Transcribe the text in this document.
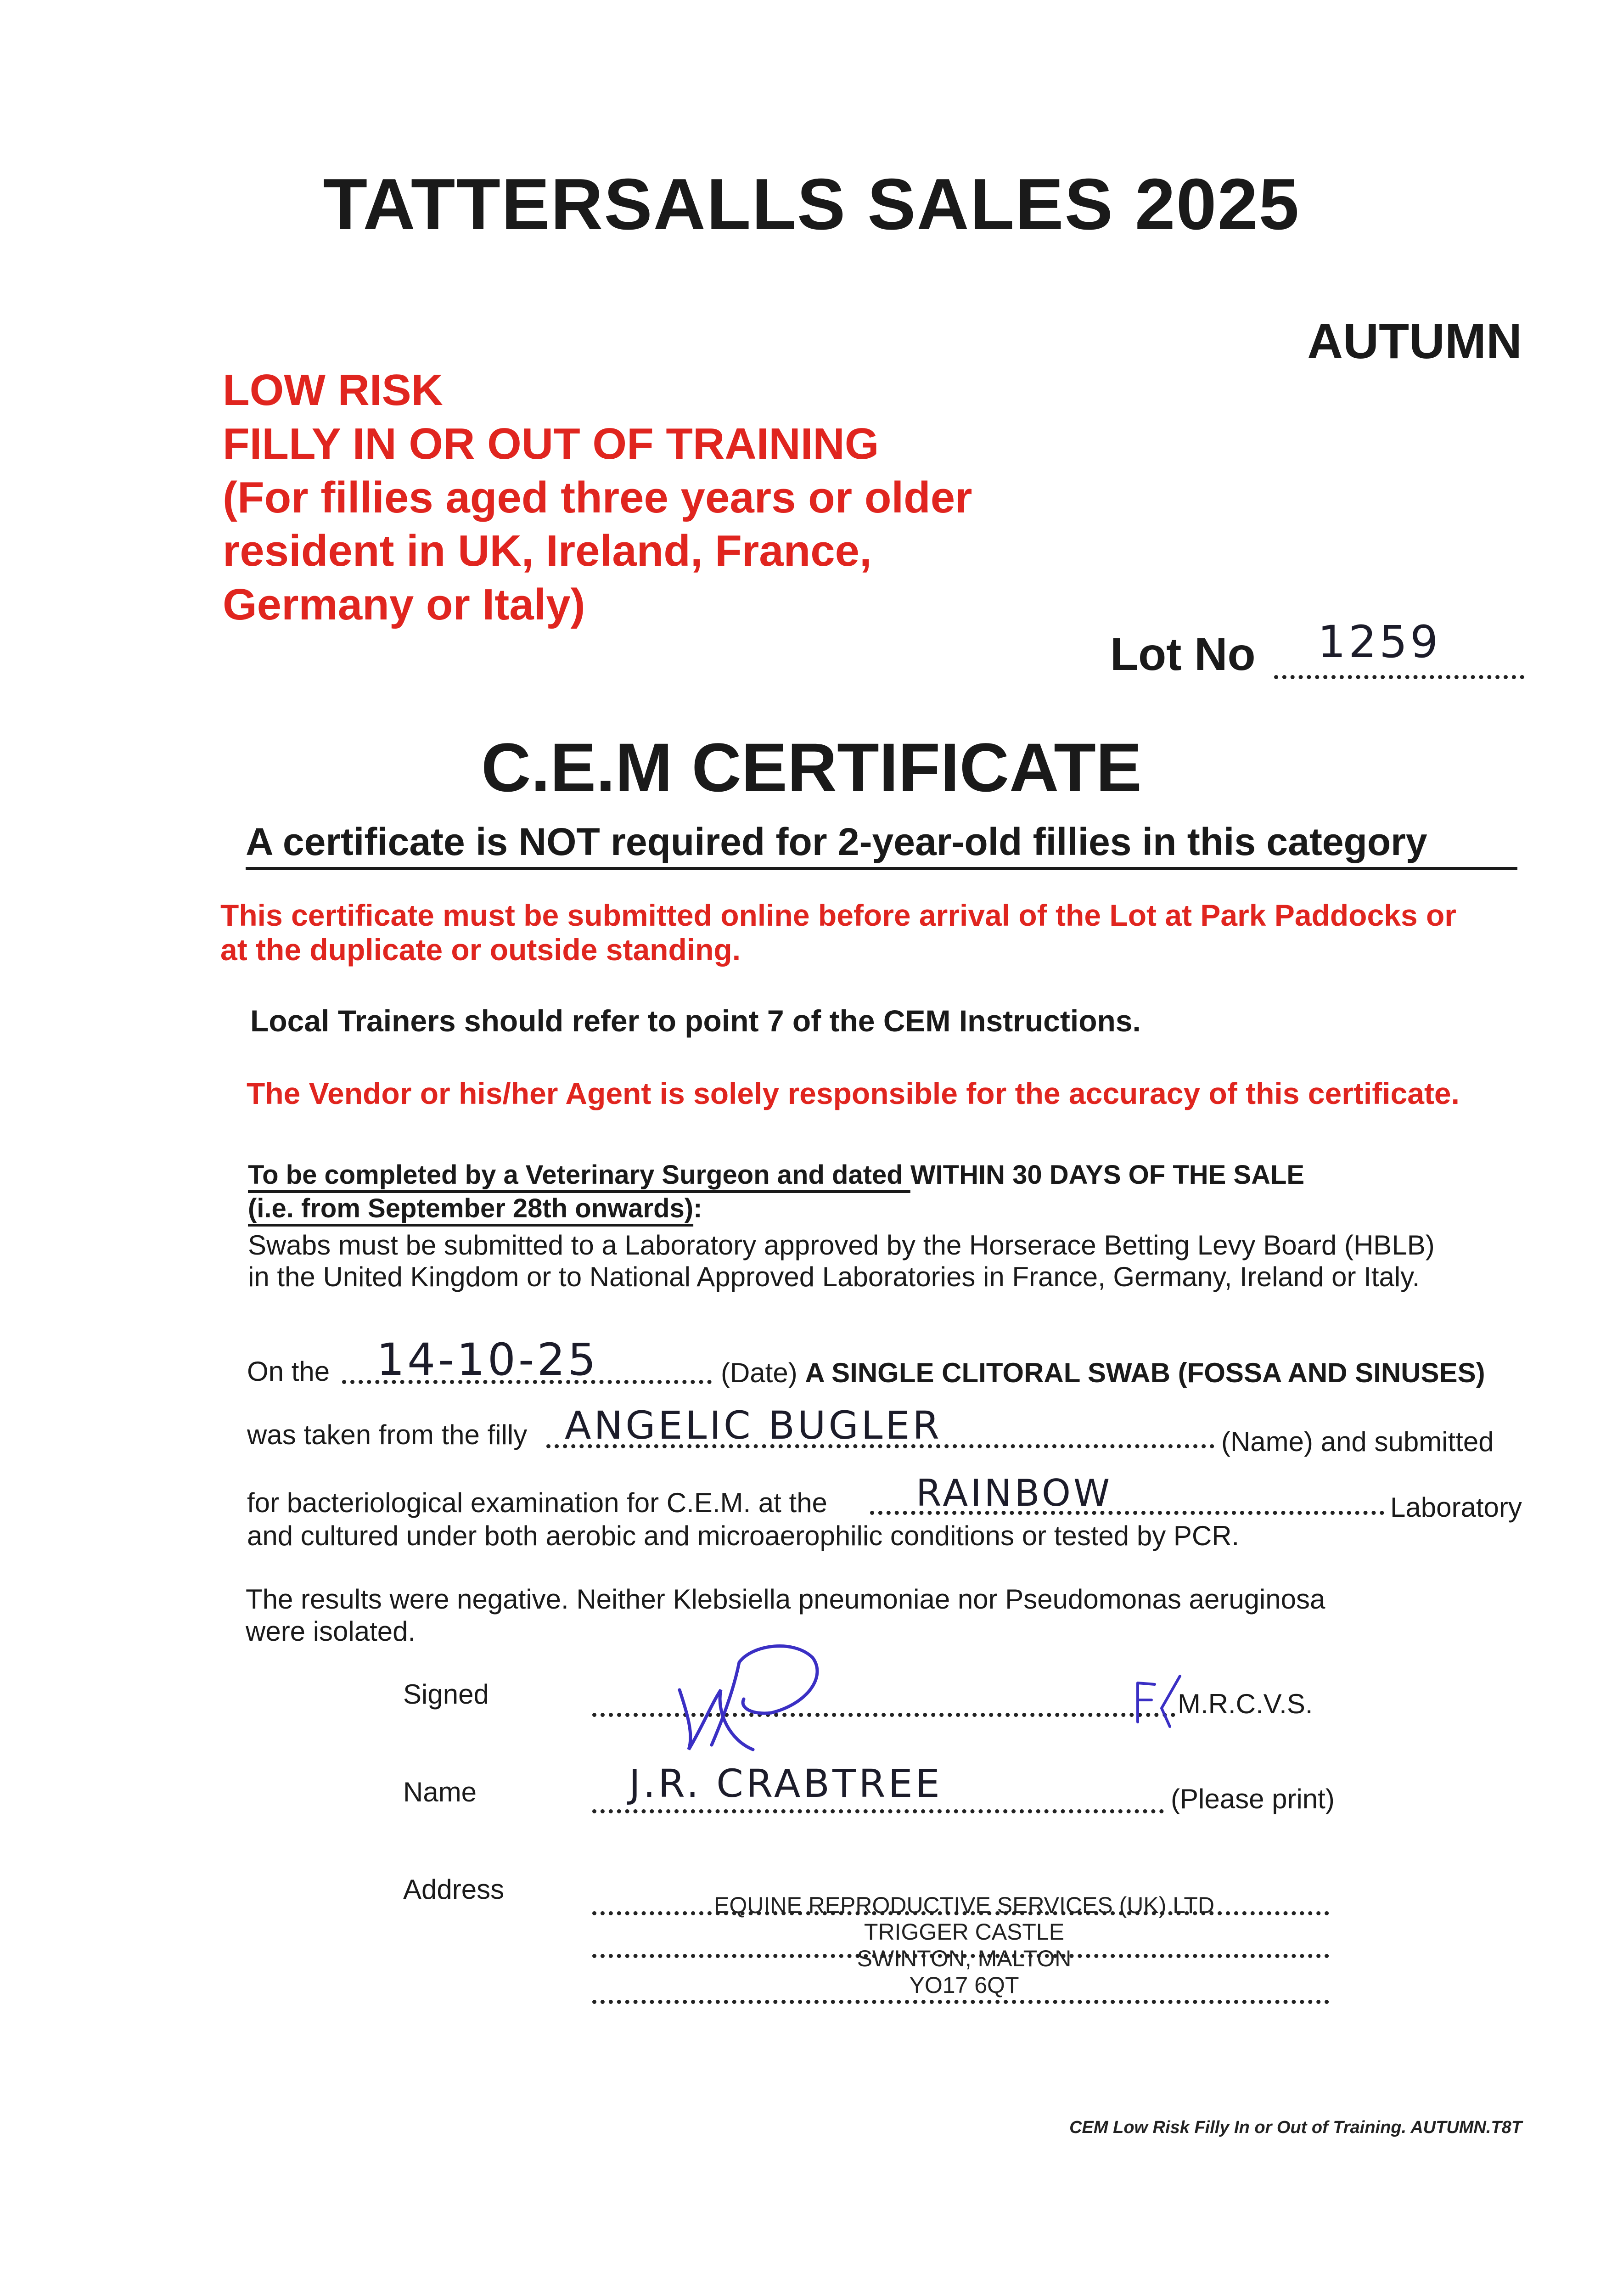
TATTERSALLS SALES 2025
AUTUMN
LOW RISK
FILLY IN OR OUT OF TRAINING
(For fillies aged three years or older
resident in UK, Ireland, France,
Germany or Italy)
Lot No 1259
C.E.M CERTIFICATE
A certificate is NOT required for 2-year-old fillies in this category
This certificate must be submitted online before arrival of the Lot at Park Paddocks or
at the duplicate or outside standing.
Local Trainers should refer to point 7 of the CEM Instructions.
The Vendor or his/her Agent is solely responsible for the accuracy of this certificate.
To be completed by a Veterinary Surgeon and dated WITHIN 30 DAYS OF THE SALE
(i.e. from September 28th onwards):
Swabs must be submitted to a Laboratory approved by the Horserace Betting Levy Board (HBLB)
in the United Kingdom or to National Approved Laboratories in France, Germany, Ireland or Italy.
On the 14-10-25	(Date) A SINGLE CLITORAL SWAB (FOSSA AND SINUSES)
was taken from the filly ANGELIC BUGLER	(Name) and submitted
for bacteriological examination for C.E.M. at the RAINBOW	Laboratory
and cultured under both aerobic and microaerophilic conditions or tested by PCR.
The results were negative. Neither Klebsiella pneumoniae nor Pseudomonas aeruginosa
were isolated.
Signed	M.R.C.V.S.
Name	J.R. CRABTREE	(Please print)
Address
EQUINE REPRODUCTIVE SERVICES (UK) LTD
TRIGGER CASTLE
SWINTON, MALTON
YO17 6QT
CEM Low Risk Filly In or Out of Training. AUTUMN.T8T
